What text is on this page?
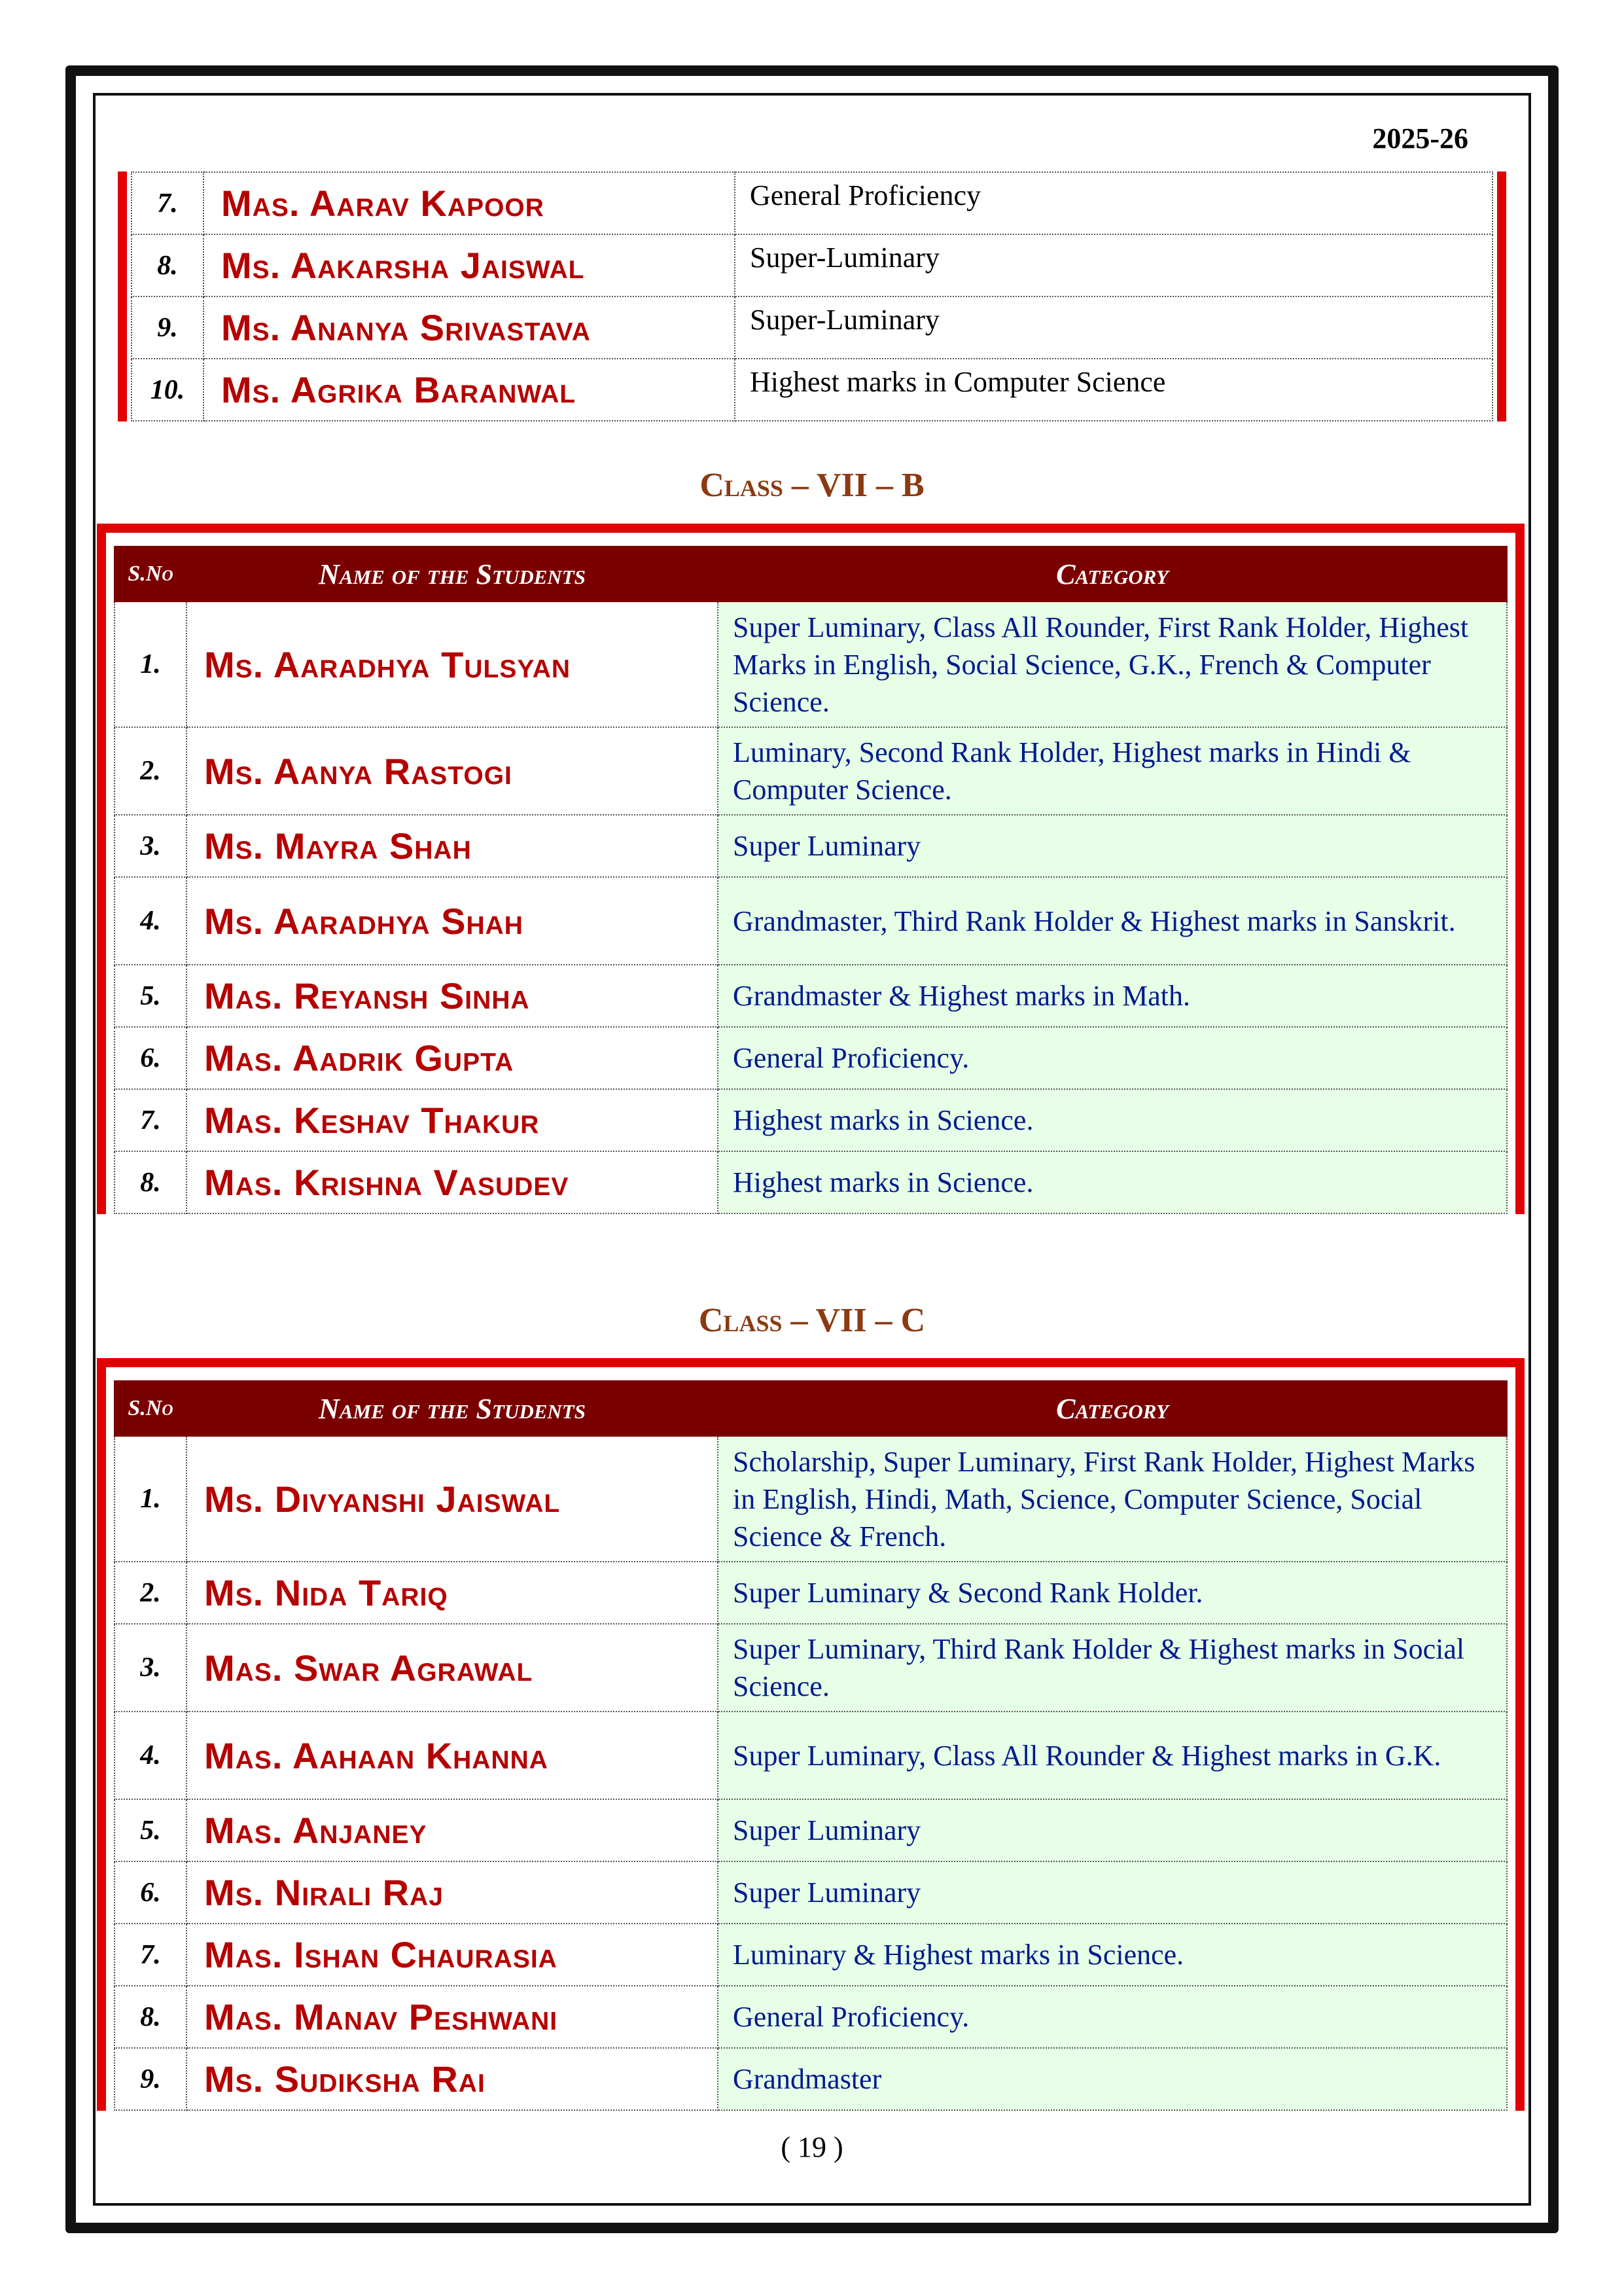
2025-26
7.	Mas. Aarav Kapoor	General Proficiency
8.	Ms. Aakarsha Jaiswal	Super-Luminary
9.	Ms. Ananya Srivastava	Super-Luminary
10.	Ms. Agrika Baranwal	Highest marks in Computer Science
Class – VII – B
S.No	Name of the Students	Category
1.	Ms. Aaradhya Tulsyan	Super Luminary, Class All Rounder, First Rank Holder, Highest Marks in English, Social Science, G.K., French & Computer Science.
2.	Ms. Aanya Rastogi	Luminary, Second Rank Holder, Highest marks in Hindi & Computer Science.
3.	Ms. Mayra Shah	Super Luminary
4.	Ms. Aaradhya Shah	Grandmaster, Third Rank Holder & Highest marks in Sanskrit.
5.	Mas. Reyansh Sinha	Grandmaster & Highest marks in Math.
6.	Mas. Aadrik Gupta	General Proficiency.
7.	Mas. Keshav Thakur	Highest marks in Science.
8.	Mas. Krishna Vasudev	Highest marks in Science.
Class – VII – C
S.No	Name of the Students	Category
1.	Ms. Divyanshi Jaiswal	Scholarship, Super Luminary, First Rank Holder, Highest Marks in English, Hindi, Math, Science, Computer Science, Social Science & French.
2.	Ms. Nida Tariq	Super Luminary & Second Rank Holder.
3.	Mas. Swar Agrawal	Super Luminary, Third Rank Holder & Highest marks in Social Science.
4.	Mas. Aahaan Khanna	Super Luminary, Class All Rounder & Highest marks in G.K.
5.	Mas. Anjaney	Super Luminary
6.	Ms. Nirali Raj	Super Luminary
7.	Mas. Ishan Chaurasia	Luminary & Highest marks in Science.
8.	Mas. Manav Peshwani	General Proficiency.
9.	Ms. Sudiksha Rai	Grandmaster
( 19 )
